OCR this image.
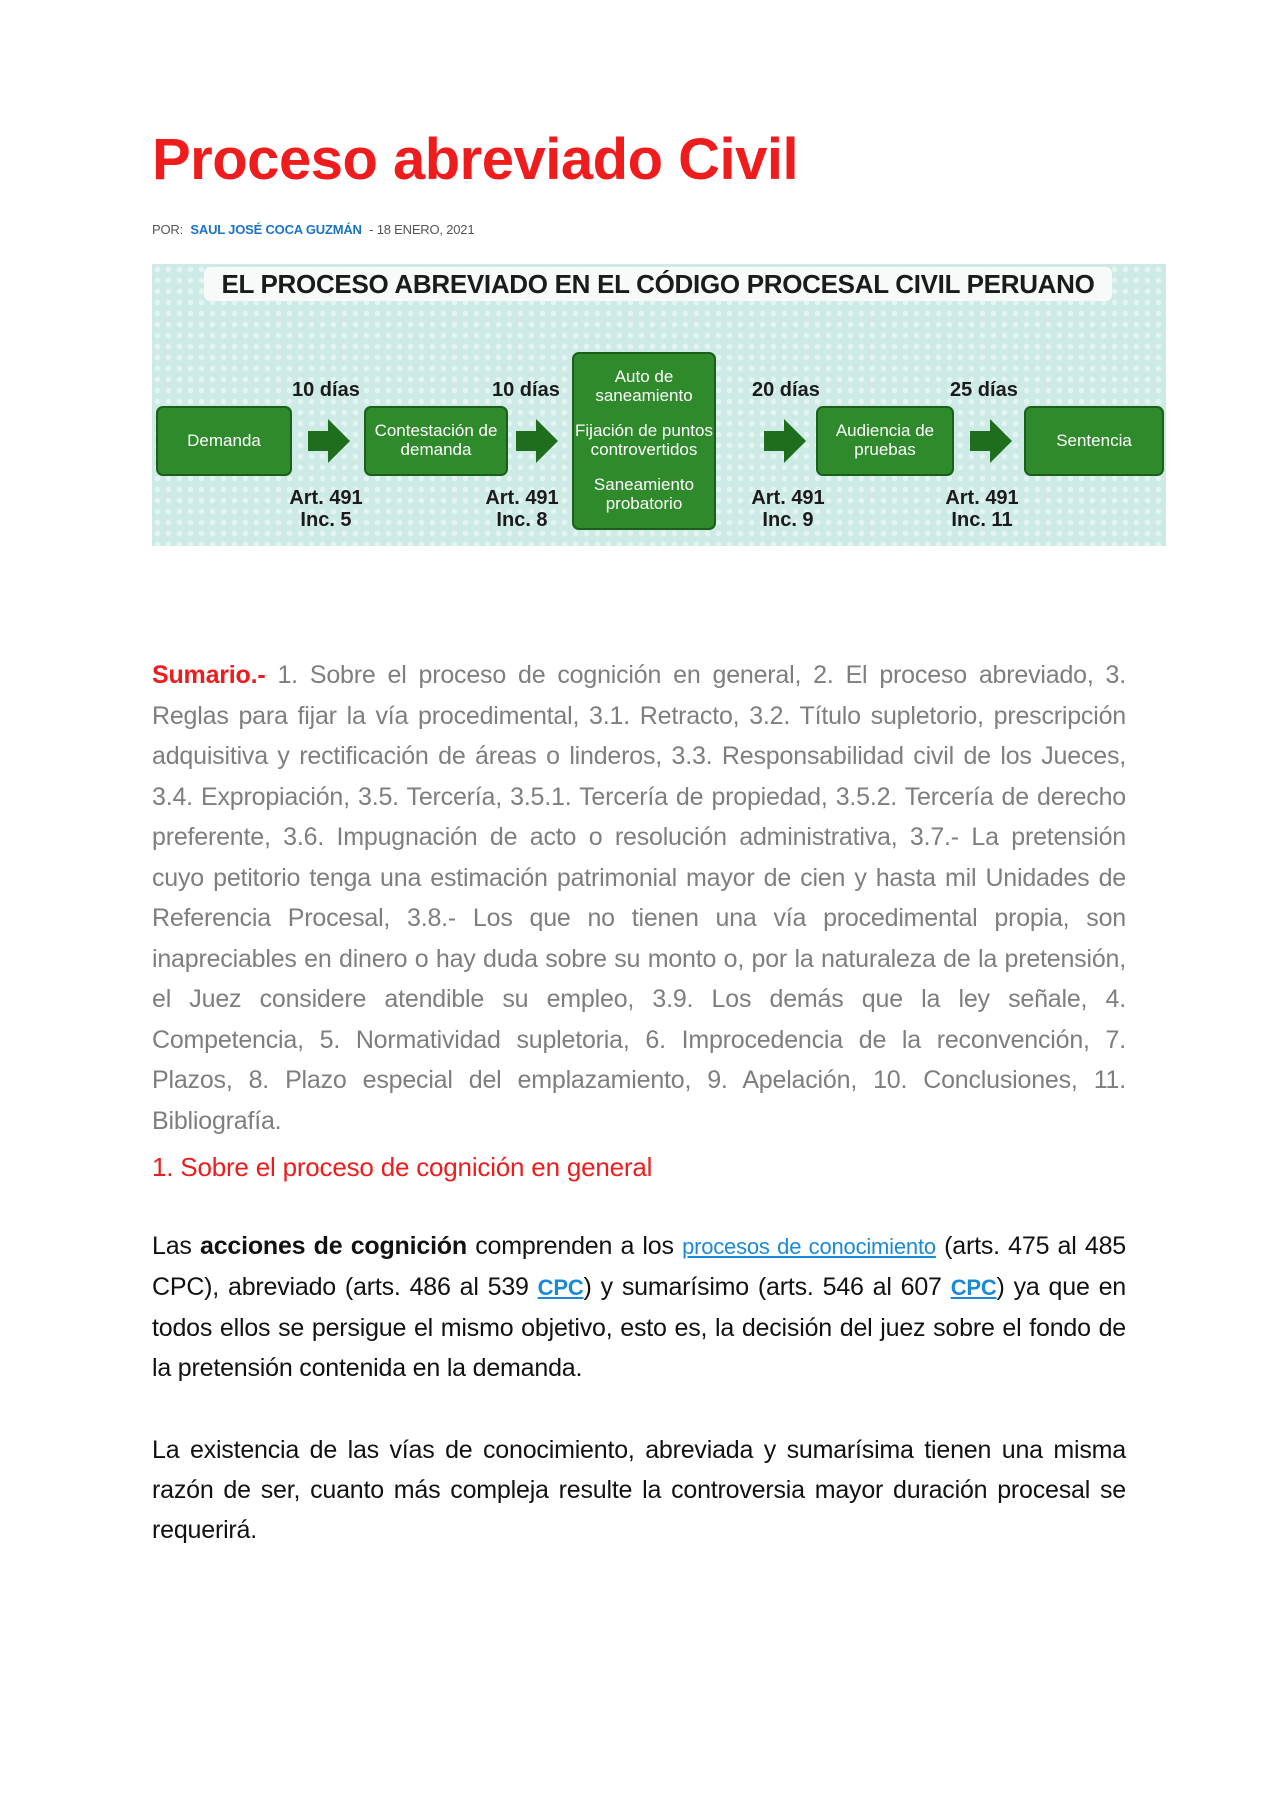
Proceso abreviado Civil
POR: SAUL JOSÉ COCA GUZMÁN - 18 ENERO, 2021
EL PROCESO ABREVIADO EN EL CÓDIGO PROCESAL CIVIL PERUANO
Demanda	Contestación de demanda
Auto de saneamiento
Fijación de puntos controvertidos
Saneamiento probatorio
Audiencia de pruebas	Sentencia
10 días	10 días	20 días	25 días
Art. 491
Inc. 5
Art. 491
Inc. 8
Art. 491
Inc. 9
Art. 491
Inc. 11

Sumario.- 1. Sobre el proceso de cognición en general, 2. El proceso abreviado, 3. Reglas para fijar la vía procedimental, 3.1. Retracto, 3.2. Título supletorio, prescripción adquisitiva y rectificación de áreas o linderos, 3.3. Responsabilidad civil de los Jueces, 3.4. Expropiación, 3.5. Tercería, 3.5.1. Tercería de propiedad, 3.5.2. Tercería de derecho preferente, 3.6. Impugnación de acto o resolución administrativa, 3.7.- La pretensión cuyo petitorio tenga una estimación patrimonial mayor de cien y hasta mil Unidades de Referencia Procesal, 3.8.- Los que no tienen una vía procedimental propia, son inapreciables en dinero o hay duda sobre su monto o, por la naturaleza de la pretensión, el Juez considere atendible su empleo, 3.9. Los demás que la ley señale, 4. Competencia, 5. Normatividad supletoria, 6. Improcedencia de la reconvención, 7. Plazos, 8. Plazo especial del emplazamiento, 9. Apelación, 10. Conclusiones, 11. Bibliografía.

1. Sobre el proceso de cognición en general

Las acciones de cognición comprenden a los procesos de conocimiento (arts. 475 al 485 CPC), abreviado (arts. 486 al 539 CPC) y sumarísimo (arts. 546 al 607 CPC) ya que en todos ellos se persigue el mismo objetivo, esto es, la decisión del juez sobre el fondo de la pretensión contenida en la demanda.

La existencia de las vías de conocimiento, abreviada y sumarísima tienen una misma razón de ser, cuanto más compleja resulte la controversia mayor duración procesal se requerirá.
